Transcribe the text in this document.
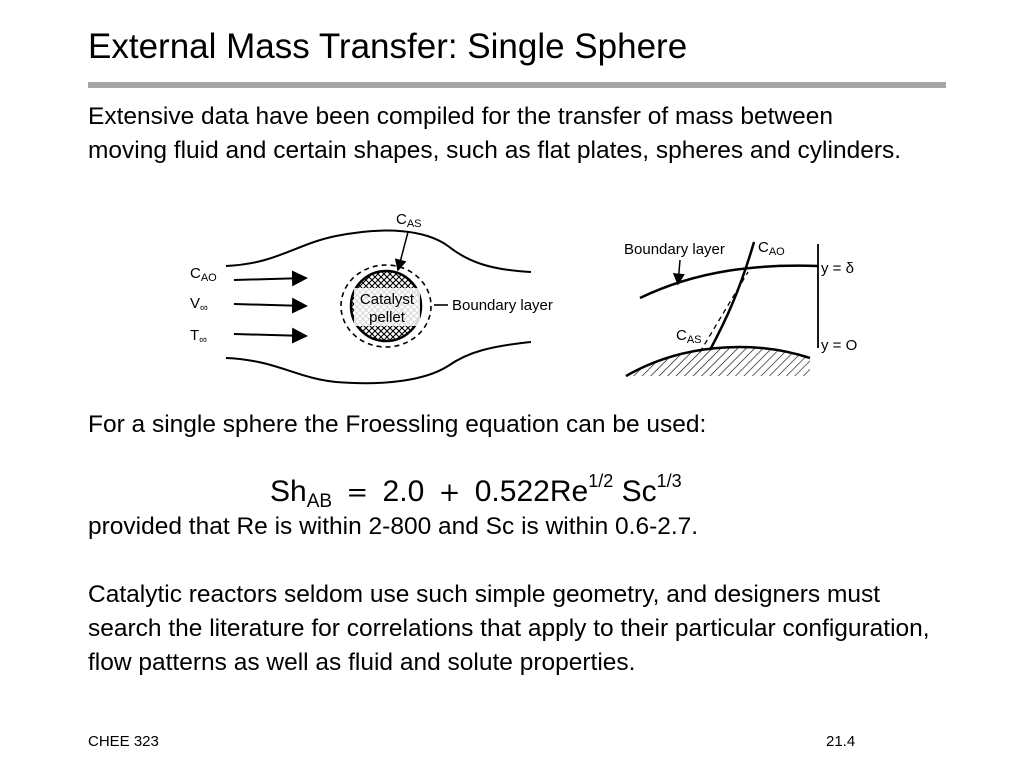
External Mass Transfer: Single Sphere
Extensive data have been compiled for the transfer of mass between moving fluid and certain shapes, such as flat plates, spheres and cylinders.
Catalyst
pellet
$C_{AS}$
$C_{AO}$
$V_\infty$
$T_\infty$
Boundary layer
Boundary layer $C_{AO}$
$C_{AS}$
y = δ
y = O
For a single sphere the Froessling equation can be used:
$Sh_{AB} = 2.0 + 0.522Re^{1/2}$ $Sc^{1/3}$
provided that Re is within 2-800 and Sc is within 0.6-2.7.
Catalytic reactors seldom use such simple geometry, and designers must search the literature for correlations that apply to their particular configuration, flow patterns as well as fluid and solute properties.
CHEE 323	21.4
